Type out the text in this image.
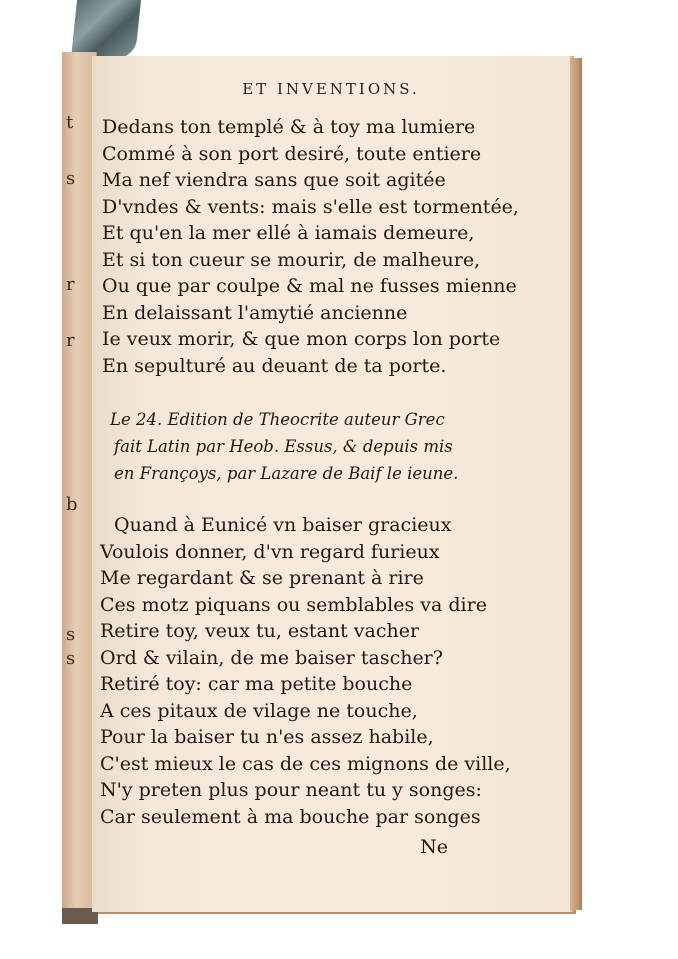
t
s
r
r
b
s
s
ET INVENTIONS.
Dedans ton templé & à toy ma lumiere
Commé à son port desiré, toute entiere
Ma nef viendra sans que soit agitée
D'vndes & vents: mais s'elle est tormentée,
Et qu'en la mer ellé à iamais demeure,
Et si ton cueur se mourir, de malheure,
Ou que par coulpe & mal ne fusses mienne
En delaissant l'amytié ancienne
Ie veux morir, & que mon corps lon porte
En sepulturé au deuant de ta porte.
Le 24. Edition de Theocrite auteur Grec
fait Latin par Heob. Essus, & depuis mis
en Françoys, par Lazare de Baif le ieune.
Quand à Eunicé vn baiser gracieux
Voulois donner, d'vn regard furieux
Me regardant & se prenant à rire
Ces motz piquans ou semblables va dire
Retire toy, veux tu, estant vacher
Ord & vilain, de me baiser tascher?
Retiré toy: car ma petite bouche
A ces pitaux de vilage ne touche,
Pour la baiser tu n'es assez habile,
C'est mieux le cas de ces mignons de ville,
N'y preten plus pour neant tu y songes:
Car seulement à ma bouche par songes
Ne
